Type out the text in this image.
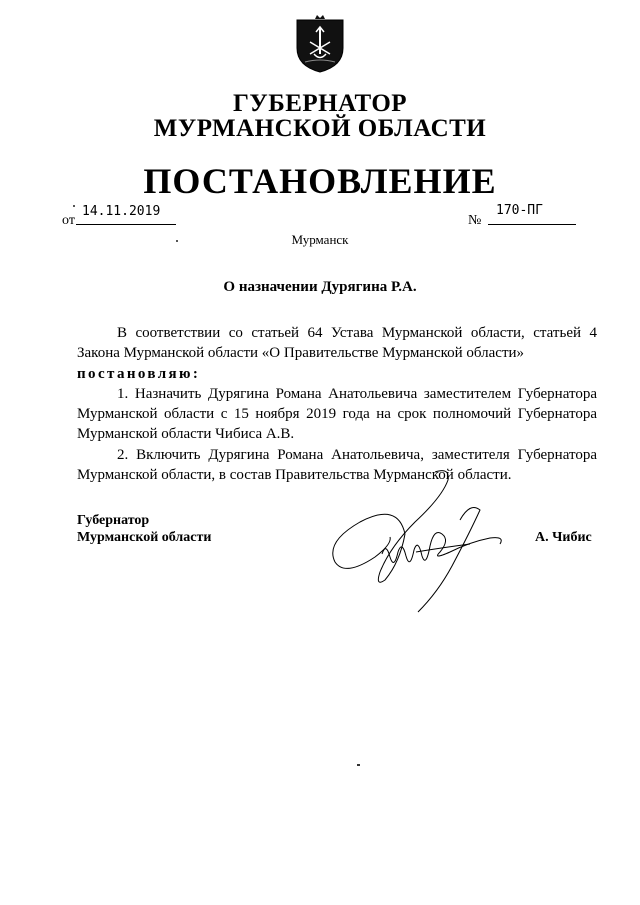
ГУБЕРНАТОР
МУРМАНСКОЙ ОБЛАСТИ
ПОСТАНОВЛЕНИЕ
от
14.11.2019
№
170-ПГ
Мурманск
О назначении Дурягина Р.А.

В соответствии со статьей 64 Устава Мурманской области, статьей 4 Закона Мурманской области «О Правительстве Мурманской области»

постановляю:

1. Назначить Дурягина Романа Анатольевича заместителем Губернатора Мурманской области с 15 ноября 2019 года на срок полномочий Губернатора Мурманской области Чибиса А.В.

2. Включить Дурягина Романа Анатольевича, заместителя Губернатора Мурманской области, в состав Правительства Мурманской области.

Губернатор
Мурманской области	А. Чибис
